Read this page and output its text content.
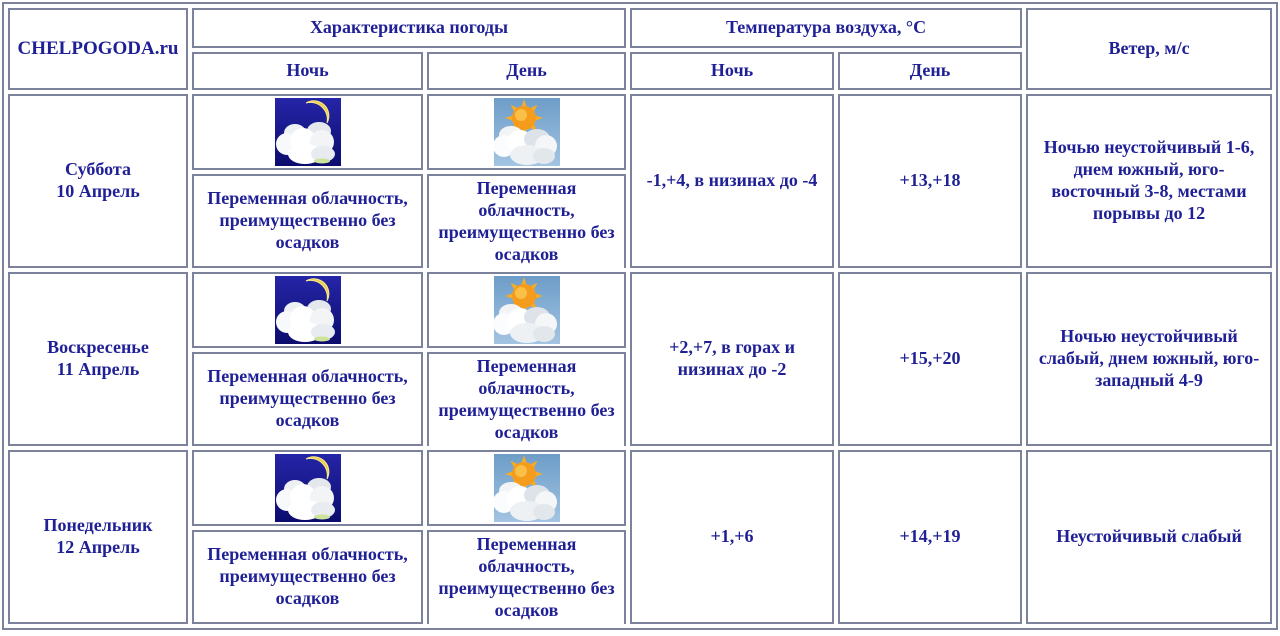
CHELPOGODA.ru	Характеристика погоды		Температура воздуха, °C		Ветер, м/с
	Ночь	День	Ночь	День	

Суббота
10 Апрель	Переменная облачность, преимущественно без осадков	Переменная облачность, преимущественно без осадков	-1,+4, в низинах до -4	+13,+18	Ночью неустойчивый 1-6, днем южный, юго-восточный 3-8, местами порывы до 12

Воскресенье
11 Апрель	Переменная облачность, преимущественно без осадков	Переменная облачность, преимущественно без осадков	+2,+7, в горах и низинах до -2	+15,+20	Ночью неустойчивый слабый, днем южный, юго-западный 4-9

Понедельник
12 Апрель	Переменная облачность, преимущественно без осадков	Переменная облачность, преимущественно без осадков	+1,+6	+14,+19	Неустойчивый слабый
